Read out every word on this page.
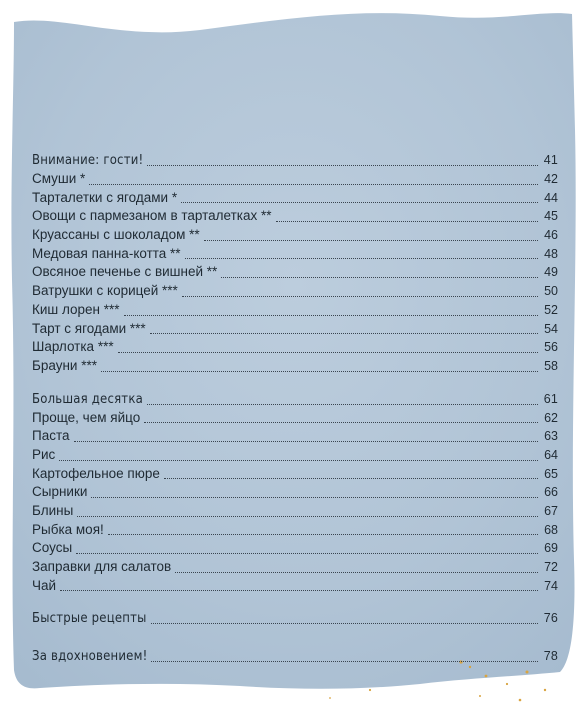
Внимание: гости!	41
Смуши *	42
Тарталетки с ягодами *	44
Овощи с пармезаном в тарталетках **	45
Круассаны с шоколадом **	46
Медовая панна-котта **	48
Овсяное печенье с вишней **	49
Ватрушки с корицей ***	50
Киш лорен ***	52
Тарт с ягодами ***	54
Шарлотка ***	56
Брауни ***	58
Большая десятка	61
Проще, чем яйцо	62
Паста	63
Рис	64
Картофельное пюре	65
Сырники	66
Блины	67
Рыбка моя!	68
Соусы	69
Заправки для салатов	72
Чай	74
Быстрые рецепты	76
За вдохновением!	78
